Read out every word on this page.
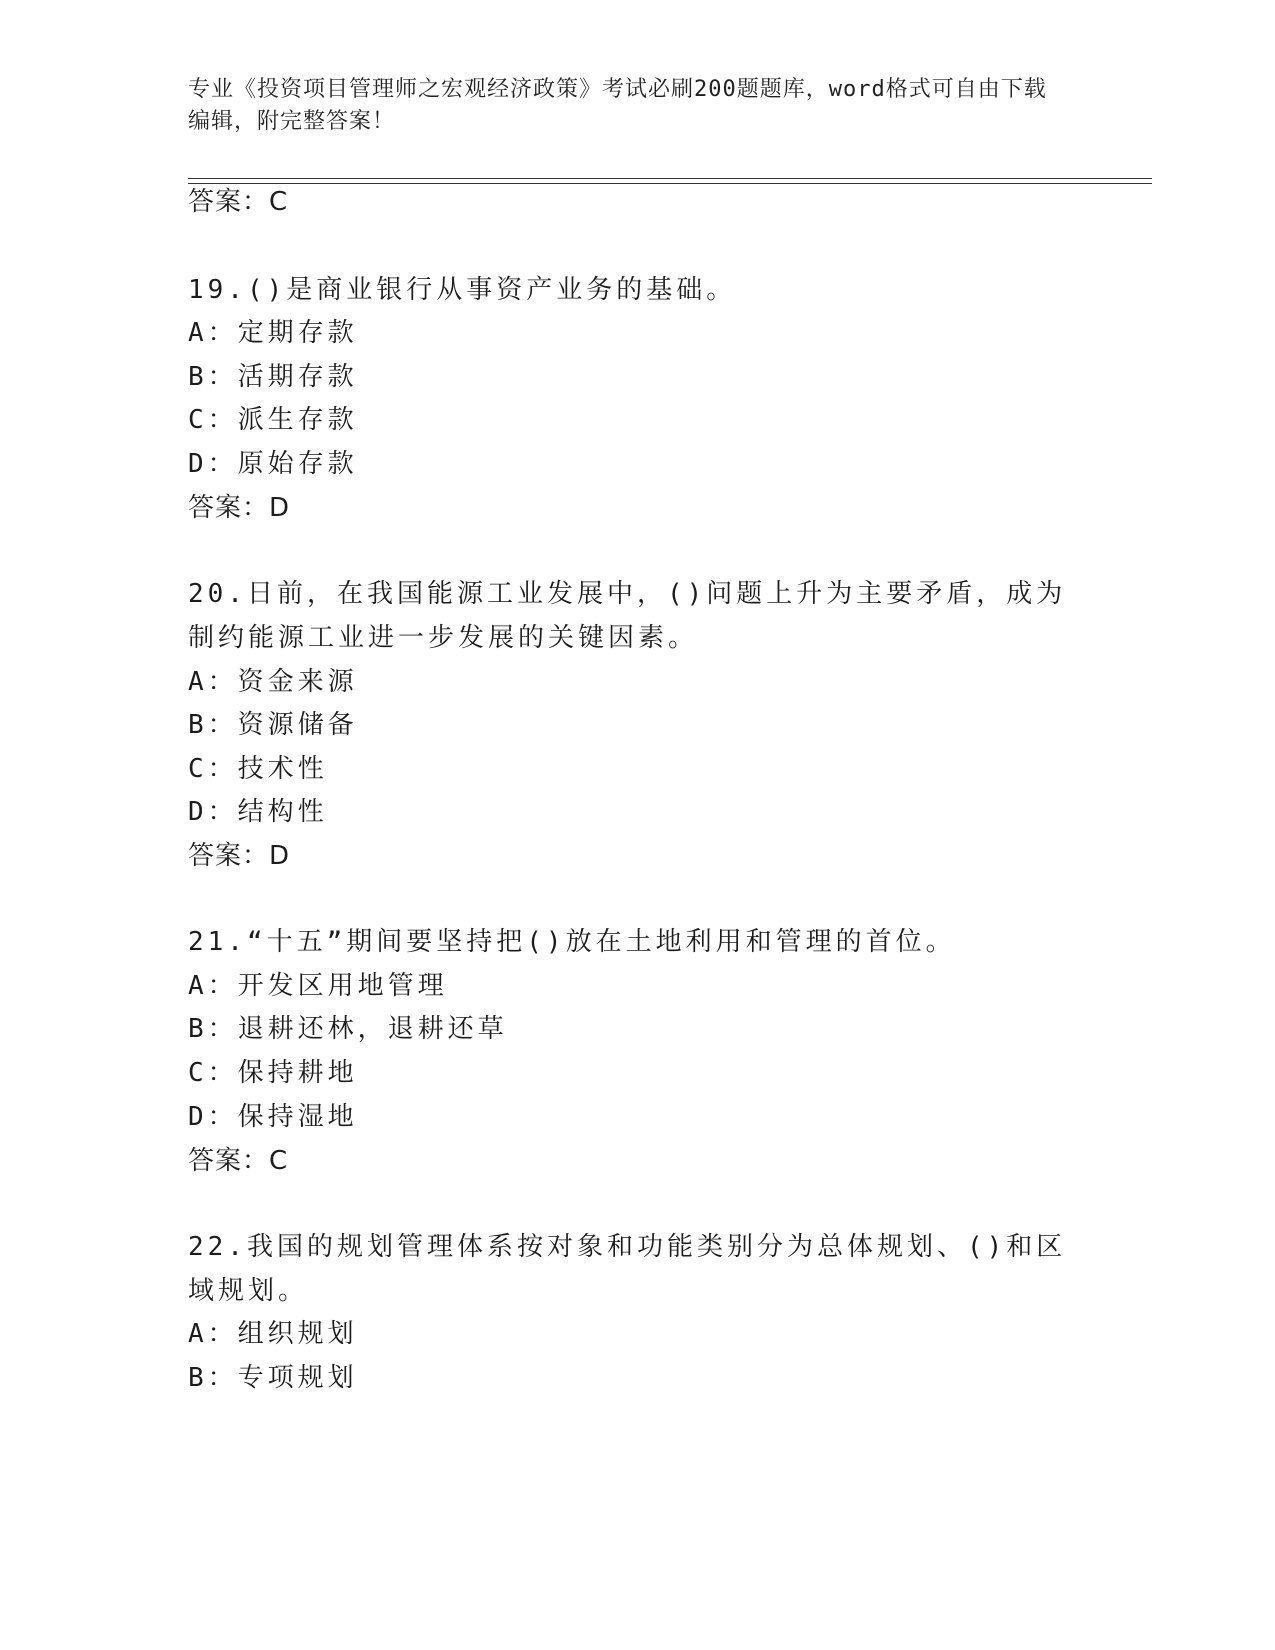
专业《投资项目管理师之宏观经济政策》考试必刷200题题库，word格式可自由下载编辑，附完整答案！

答案：C
19.()是商业银行从事资产业务的基础。
A：定期存款
B：活期存款
C：派生存款
D：原始存款
答案：D
20.日前，在我国能源工业发展中，()问题上升为主要矛盾，成为制约能源工业进一步发展的关键因素。
A：资金来源
B：资源储备
C：技术性
D：结构性
答案：D
21.“十五”期间要坚持把()放在土地利用和管理的首位。
A：开发区用地管理
B：退耕还林，退耕还草
C：保持耕地
D：保持湿地
答案：C
22.我国的规划管理体系按对象和功能类别分为总体规划、()和区域规划。
A：组织规划
B：专项规划
